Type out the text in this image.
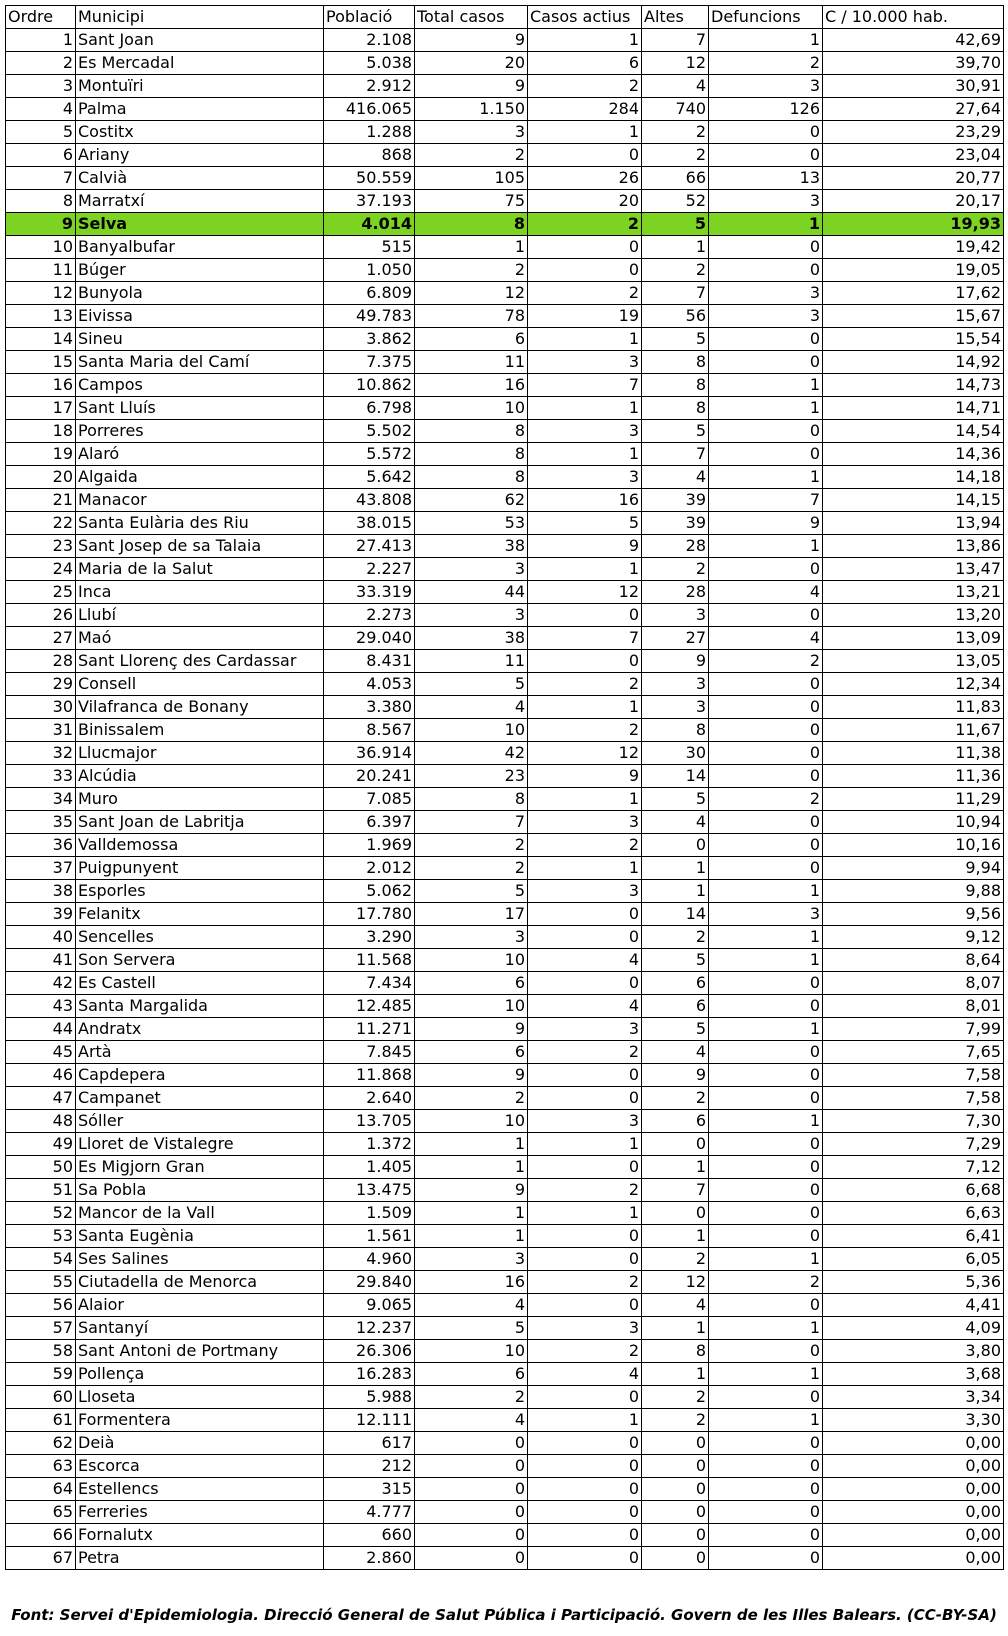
Ordre	Municipi	Població	Total casos	Casos actius	Altes	Defuncions	C / 10.000 hab.
1	Sant Joan	2.108	9	1	7	1	42,69
2	Es Mercadal	5.038	20	6	12	2	39,70
3	Montuïri	2.912	9	2	4	3	30,91
4	Palma	416.065	1.150	284	740	126	27,64
5	Costitx	1.288	3	1	2	0	23,29
6	Ariany	868	2	0	2	0	23,04
7	Calvià	50.559	105	26	66	13	20,77
8	Marratxí	37.193	75	20	52	3	20,17
9	Selva	4.014	8	2	5	1	19,93
10	Banyalbufar	515	1	0	1	0	19,42
11	Búger	1.050	2	0	2	0	19,05
12	Bunyola	6.809	12	2	7	3	17,62
13	Eivissa	49.783	78	19	56	3	15,67
14	Sineu	3.862	6	1	5	0	15,54
15	Santa Maria del Camí	7.375	11	3	8	0	14,92
16	Campos	10.862	16	7	8	1	14,73
17	Sant Lluís	6.798	10	1	8	1	14,71
18	Porreres	5.502	8	3	5	0	14,54
19	Alaró	5.572	8	1	7	0	14,36
20	Algaida	5.642	8	3	4	1	14,18
21	Manacor	43.808	62	16	39	7	14,15
22	Santa Eulària des Riu	38.015	53	5	39	9	13,94
23	Sant Josep de sa Talaia	27.413	38	9	28	1	13,86
24	Maria de la Salut	2.227	3	1	2	0	13,47
25	Inca	33.319	44	12	28	4	13,21
26	Llubí	2.273	3	0	3	0	13,20
27	Maó	29.040	38	7	27	4	13,09
28	Sant Llorenç des Cardassar	8.431	11	0	9	2	13,05
29	Consell	4.053	5	2	3	0	12,34
30	Vilafranca de Bonany	3.380	4	1	3	0	11,83
31	Binissalem	8.567	10	2	8	0	11,67
32	Llucmajor	36.914	42	12	30	0	11,38
33	Alcúdia	20.241	23	9	14	0	11,36
34	Muro	7.085	8	1	5	2	11,29
35	Sant Joan de Labritja	6.397	7	3	4	0	10,94
36	Valldemossa	1.969	2	2	0	0	10,16
37	Puigpunyent	2.012	2	1	1	0	9,94
38	Esporles	5.062	5	3	1	1	9,88
39	Felanitx	17.780	17	0	14	3	9,56
40	Sencelles	3.290	3	0	2	1	9,12
41	Son Servera	11.568	10	4	5	1	8,64
42	Es Castell	7.434	6	0	6	0	8,07
43	Santa Margalida	12.485	10	4	6	0	8,01
44	Andratx	11.271	9	3	5	1	7,99
45	Artà	7.845	6	2	4	0	7,65
46	Capdepera	11.868	9	0	9	0	7,58
47	Campanet	2.640	2	0	2	0	7,58
48	Sóller	13.705	10	3	6	1	7,30
49	Lloret de Vistalegre	1.372	1	1	0	0	7,29
50	Es Migjorn Gran	1.405	1	0	1	0	7,12
51	Sa Pobla	13.475	9	2	7	0	6,68
52	Mancor de la Vall	1.509	1	1	0	0	6,63
53	Santa Eugènia	1.561	1	0	1	0	6,41
54	Ses Salines	4.960	3	0	2	1	6,05
55	Ciutadella de Menorca	29.840	16	2	12	2	5,36
56	Alaior	9.065	4	0	4	0	4,41
57	Santanyí	12.237	5	3	1	1	4,09
58	Sant Antoni de Portmany	26.306	10	2	8	0	3,80
59	Pollença	16.283	6	4	1	1	3,68
60	Lloseta	5.988	2	0	2	0	3,34
61	Formentera	12.111	4	1	2	1	3,30
62	Deià	617	0	0	0	0	0,00
63	Escorca	212	0	0	0	0	0,00
64	Estellencs	315	0	0	0	0	0,00
65	Ferreries	4.777	0	0	0	0	0,00
66	Fornalutx	660	0	0	0	0	0,00
67	Petra	2.860	0	0	0	0	0,00
Font: Servei d'Epidemiologia. Direcció General de Salut Pública i Participació. Govern de les Illes Balears. (CC-BY-SA)
